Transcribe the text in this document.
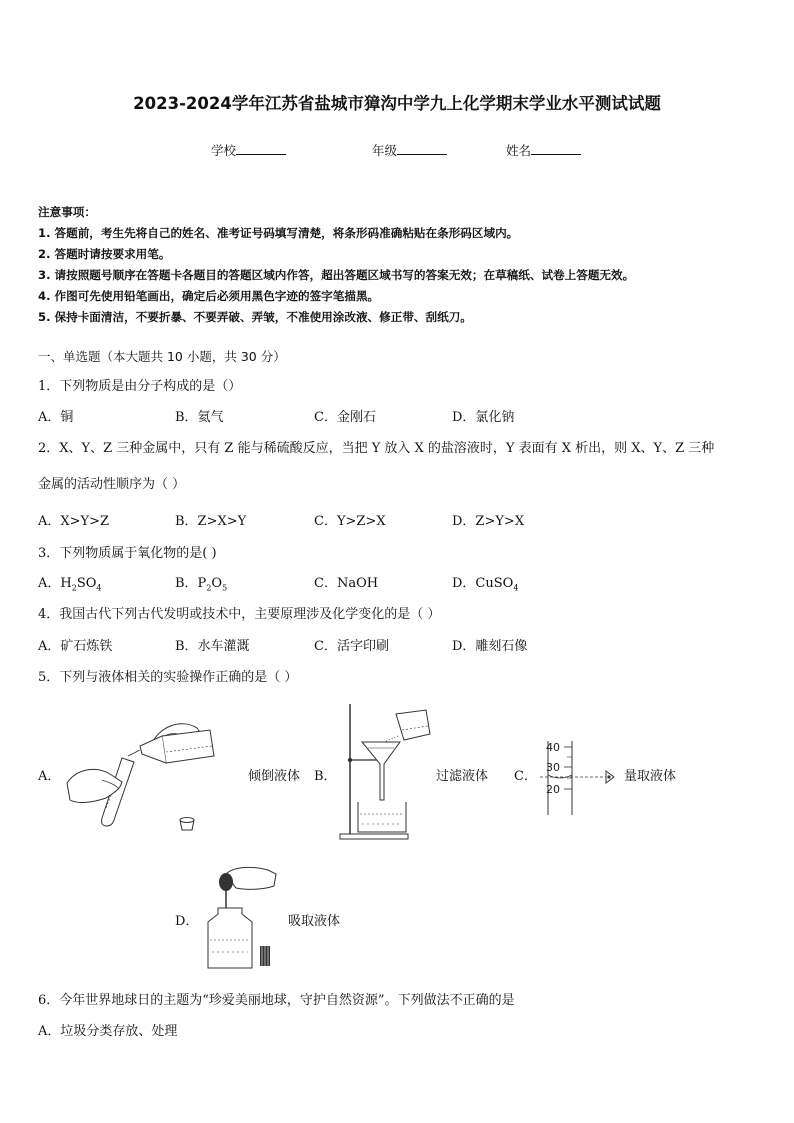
2023-2024学年江苏省盐城市獐沟中学九上化学期末学业水平测试试题
学校	年级	姓名
注意事项：
1. 答题前，考生先将自己的姓名、准考证号码填写清楚，将条形码准确粘贴在条形码区域内。
2. 答题时请按要求用笔。
3. 请按照题号顺序在答题卡各题目的答题区域内作答，超出答题区域书写的答案无效；在草稿纸、试卷上答题无效。
4. 作图可先使用铅笔画出，确定后必须用黑色字迹的签字笔描黑。
5. 保持卡面清洁，不要折暴、不要弄破、弄皱，不准使用涂改液、修正带、刮纸刀。
一、单选题（本大题共 10 小题，共 30 分）
1．下列物质是由分子构成的是（）
A．铜	B．氦气	C．金刚石	D．氯化钠
2．X、Y、Z 三种金属中，只有 Z 能与稀硫酸反应，当把 Y 放入 X 的盐溶液时，Y 表面有 X 析出，则 X、Y、Z 三种
金属的活动性顺序为（ ）
A．X>Y>Z	B．Z>X>Y	C．Y>Z>X	D．Z>Y>X
3．下列物质属于氧化物的是( )
A．$H_2SO_4$	B．$P_2O_5$	C．NaOH	D．CuSO$_4$
4．我国古代下列古代发明或技术中，主要原理涉及化学变化的是（ ）
A．矿石炼铁	B．水车灌溉	C．活字印刷	D．雕刻石像
5．下列与液体相关的实验操作正确的是（ ）
A．	倾倒液体 B．	过滤液体 C．
40
30
20
量取液体
D．	吸取液体
6．今年世界地球日的主题为“珍爱美丽地球，守护自然资源”。下列做法不正确的是
A．垃圾分类存放、处理
